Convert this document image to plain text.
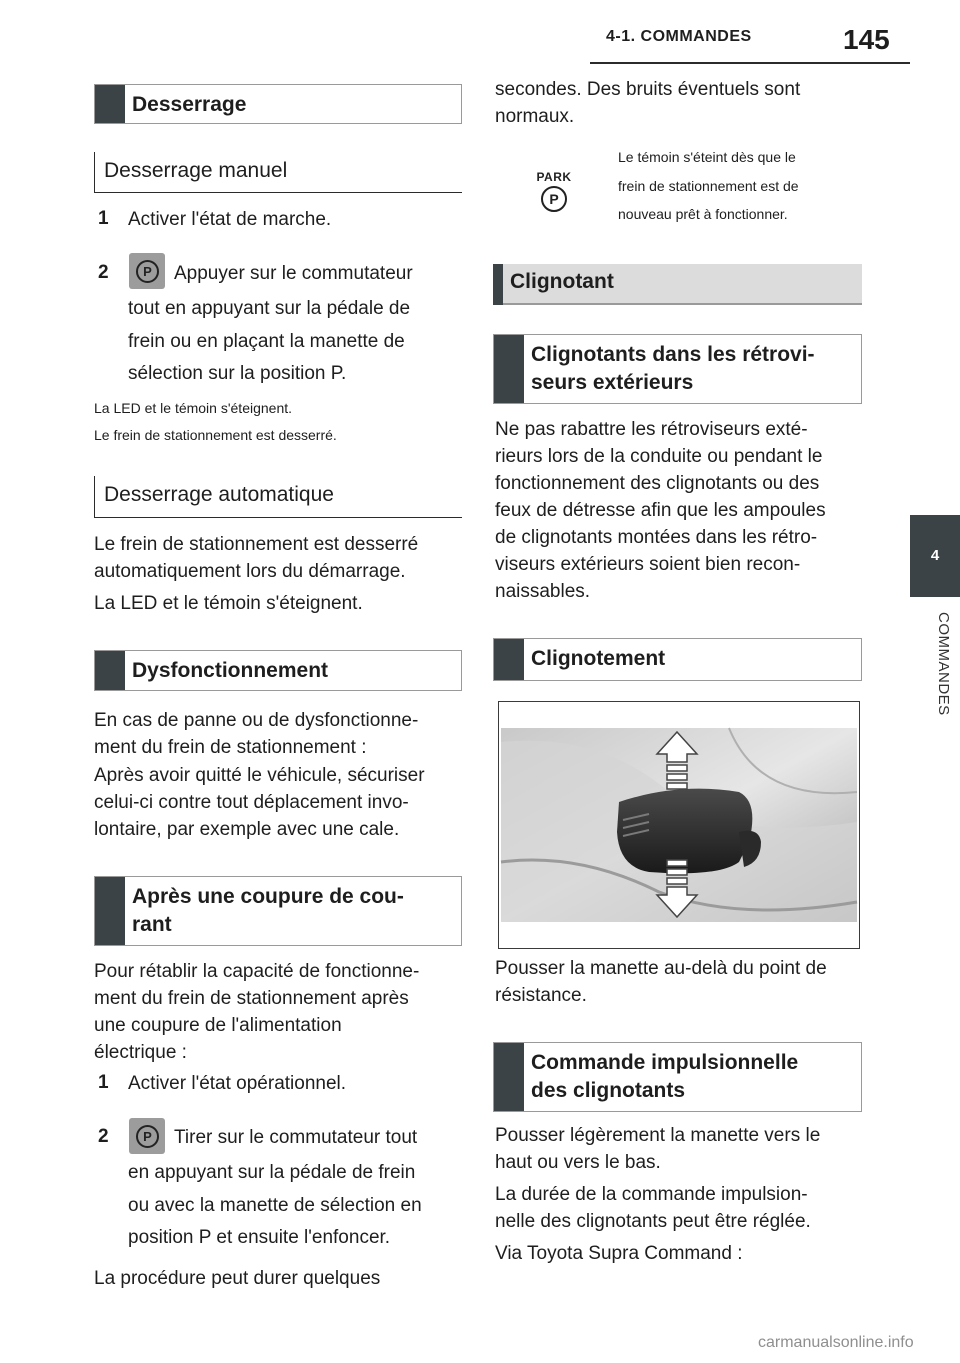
4-1. COMMANDES	145
4
COMMANDES
Desserrage
Desserrage manuel
1 Activer l'état de marche.
2	P	Appuyer sur le commutateur
tout en appuyant sur la pédale de
frein ou en plaçant la manette de
sélection sur la position P.
La LED et le témoin s'éteignent.
Le frein de stationnement est desserré.
Desserrage automatique
Le frein de stationnement est desserré
automatiquement lors du démarrage.
La LED et le témoin s'éteignent.
Dysfonctionnement
En cas de panne ou de dysfonctionne-
ment du frein de stationnement :
Après avoir quitté le véhicule, sécuriser
celui-ci contre tout déplacement invo-
lontaire, par exemple avec une cale.
Après une coupure de cou-
rant
Pour rétablir la capacité de fonctionne-
ment du frein de stationnement après
une coupure de l'alimentation
électrique :
1 Activer l'état opérationnel.
2	P	Tirer sur le commutateur tout
en appuyant sur la pédale de frein
ou avec la manette de sélection en
position P et ensuite l'enfoncer.
La procédure peut durer quelques
secondes. Des bruits éventuels sont
normaux.
PARK
P
Le témoin s'éteint dès que le
frein de stationnement est de
nouveau prêt à fonctionner.
Clignotant
Clignotants dans les rétrovi-
seurs extérieurs
Ne pas rabattre les rétroviseurs exté-
rieurs lors de la conduite ou pendant le
fonctionnement des clignotants ou des
feux de détresse afin que les ampoules
de clignotants montées dans les rétro-
viseurs extérieurs soient bien recon-
naissables.
Clignotement
Pousser la manette au-delà du point de
résistance.
Commande impulsionnelle
des clignotants
Pousser légèrement la manette vers le
haut ou vers le bas.
La durée de la commande impulsion-
nelle des clignotants peut être réglée.
Via Toyota Supra Command :
carmanualsonline.info
